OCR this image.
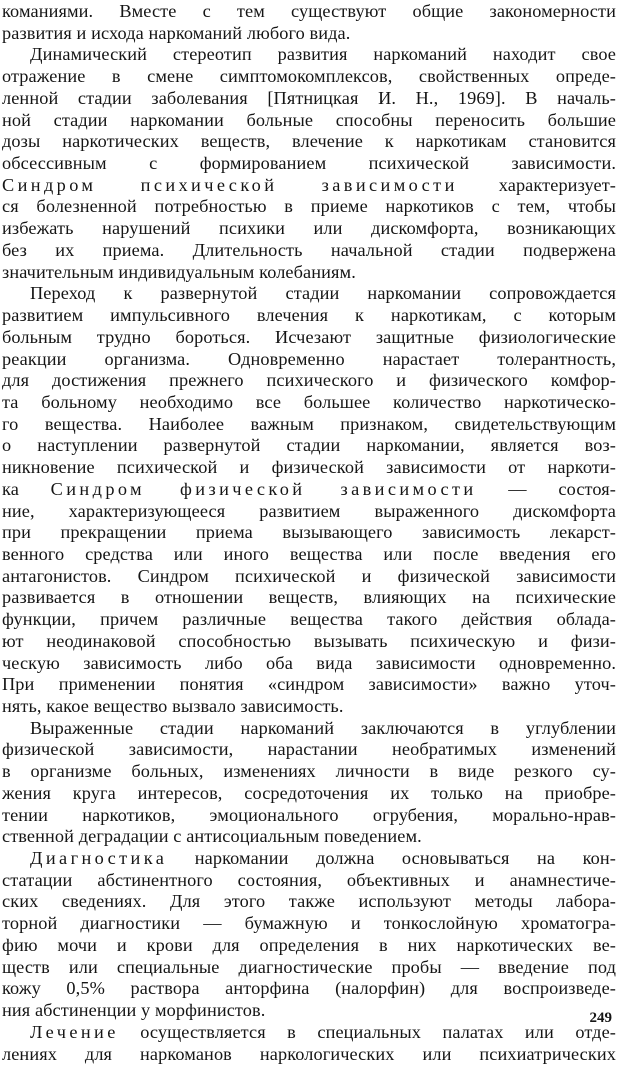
команиями. Вместе с тем существуют общие закономерности
развития и исхода наркоманий любого вида.
Динамический стереотип развития наркоманий находит свое
отражение в смене симптомокомплексов, свойственных опреде-
ленной стадии заболевания [Пятницкая И. Н., 1969]. В началь-
ной стадии наркомании больные способны переносить большие
дозы наркотических веществ, влечение к наркотикам становится
обсессивным с формированием психической зависимости.
Синдром психической зависимости характеризует-
ся болезненной потребностью в приеме наркотиков с тем, чтобы
избежать нарушений психики или дискомфорта, возникающих
без их приема. Длительность начальной стадии подвержена
значительным индивидуальным колебаниям.
Переход к развернутой стадии наркомании сопровождается
развитием импульсивного влечения к наркотикам, с которым
больным трудно бороться. Исчезают защитные физиологические
реакции организма. Одновременно нарастает толерантность,
для достижения прежнего психического и физического комфор-
та больному необходимо все большее количество наркотическо-
го вещества. Наиболее важным признаком, свидетельствующим
о наступлении развернутой стадии наркомании, является воз-
никновение психической и физической зависимости от наркоти-
ка Синдром физической зависимости — состоя-
ние, характеризующееся развитием выраженного дискомфорта
при прекращении приема вызывающего зависимость лекарст-
венного средства или иного вещества или после введения его
антагонистов. Синдром психической и физической зависимости
развивается в отношении веществ, влияющих на психические
функции, причем различные вещества такого действия облада-
ют неодинаковой способностью вызывать психическую и физи-
ческую зависимость либо оба вида зависимости одновременно.
При применении понятия «синдром зависимости» важно уточ-
нять, какое вещество вызвало зависимость.
Выраженные стадии наркоманий заключаются в углублении
физической зависимости, нарастании необратимых изменений
в организме больных, изменениях личности в виде резкого су-
жения круга интересов, сосредоточения их только на приобре-
тении наркотиков, эмоционального огрубения, морально-нрав-
ственной деградации с антисоциальным поведением.
Диагностика наркомании должна основываться на кон-
статации абстинентного состояния, объективных и анамнестиче-
ских сведениях. Для этого также используют методы лабора-
торной диагностики — бумажную и тонкослойную хроматогра-
фию мочи и крови для определения в них наркотических ве-
ществ или специальные диагностические пробы — введение под
кожу 0,5% раствора анторфина (налорфин) для воспроизведе-
ния абстиненции у морфинистов.
Лечение осуществляется в специальных палатах или отде-
лениях для наркоманов наркологических или психиатрических
249
